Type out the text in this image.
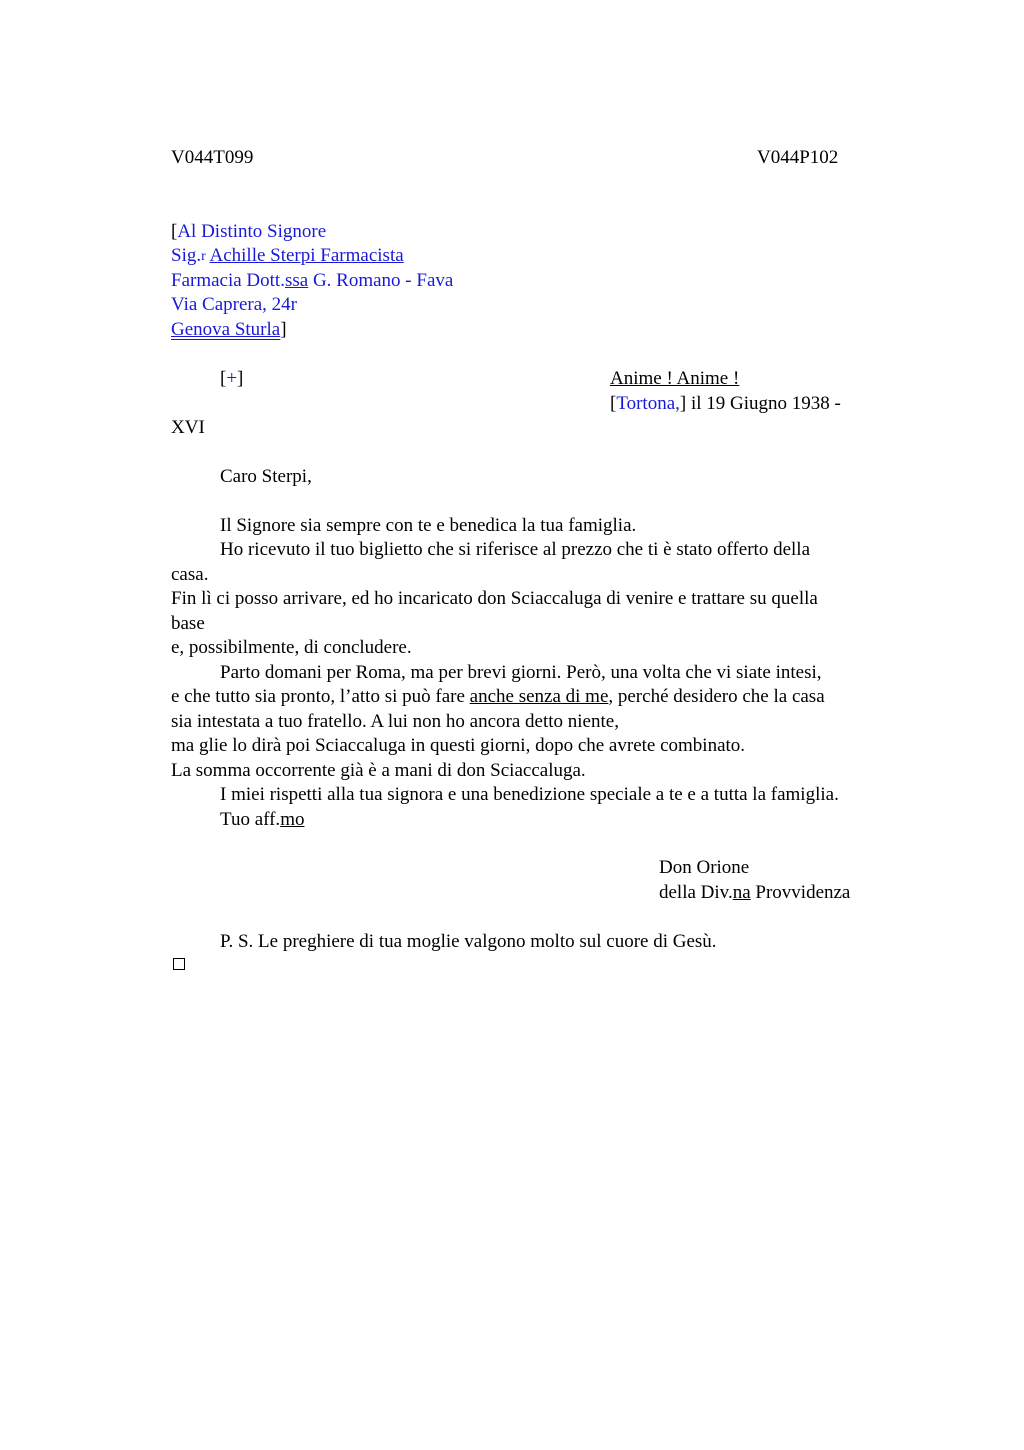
V044T099	V044P102
[Al Distinto Signore
Sig.r Achille Sterpi Farmacista
Farmacia Dott.ssa G. Romano - Fava
Via Caprera, 24r
Genova Sturla]
[+]	Anime ! Anime !
[Tortona,] il 19 Giugno 1938 -
XVI
Caro Sterpi,
Il Signore sia sempre con te e benedica la tua famiglia.
Ho ricevuto il tuo biglietto che si riferisce al prezzo che ti è stato offerto della
casa.
Fin lì ci posso arrivare, ed ho incaricato don Sciaccaluga di venire e trattare su quella
base
e, possibilmente, di concludere.
Parto domani per Roma, ma per brevi giorni. Però, una volta che vi siate intesi,
e che tutto sia pronto, l’atto si può fare anche senza di me, perché desidero che la casa
sia intestata a tuo fratello. A lui non ho ancora detto niente,
ma glie lo dirà poi Sciaccaluga in questi giorni, dopo che avrete combinato.
La somma occorrente già è a mani di don Sciaccaluga.
I miei rispetti alla tua signora e una benedizione speciale a te e a tutta la famiglia.
Tuo aff.mo
Don Orione
della Div.na Provvidenza
P. S. Le preghiere di tua moglie valgono molto sul cuore di Gesù.
